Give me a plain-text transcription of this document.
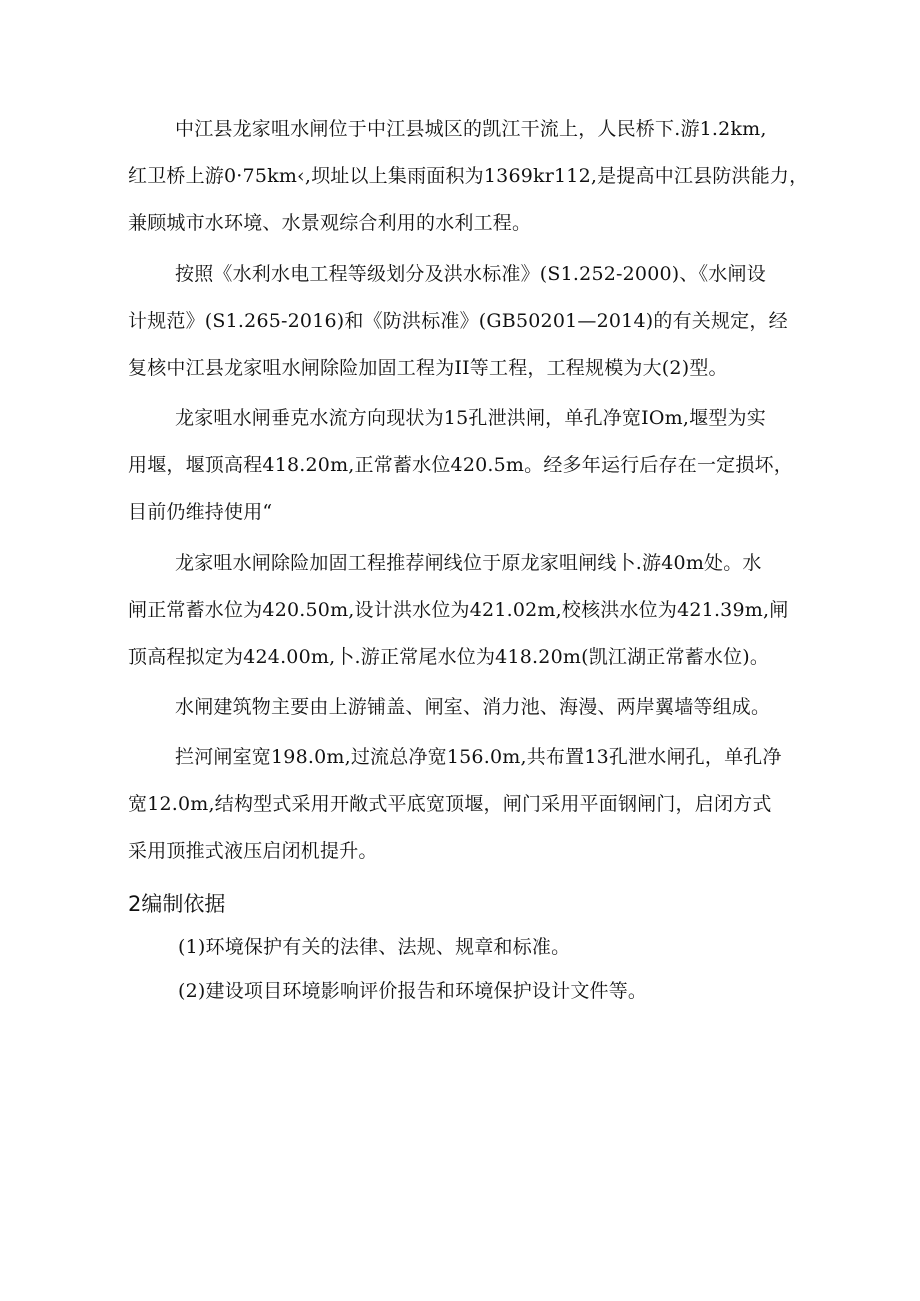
中江县龙家咀水闸位于中江县城区的凯江干流上，人民桥下.游1.2km,
红卫桥上游0·75km‹,坝址以上集雨面积为1369kr112,是提高中江县防洪能力，
兼顾城市水环境、水景观综合利用的水利工程。
按照《水利水电工程等级划分及洪水标准》(S1.252-2000)、《水闸设
计规范》(S1.265-2016)和《防洪标准》(GB50201—2014)的有关规定，经
复核中江县龙家咀水闸除险加固工程为II等工程，工程规模为大(2)型。
龙家咀水闸垂克水流方向现状为15孔泄洪闸，单孔净宽IOm,堰型为实
用堰，堰顶高程418.20m,正常蓄水位420.5m。经多年运行后存在一定损坏，
目前仍维持使用“
龙家咀水闸除险加固工程推荐闸线位于原龙家咀闸线卜.游40m处。水
闸正常蓄水位为420.50m,设计洪水位为421.02m,校核洪水位为421.39m,闸
顶高程拟定为424.00m,卜.游正常尾水位为418.20m(凯江湖正常蓄水位)。
水闸建筑物主要由上游铺盖、闸室、消力池、海漫、两岸翼墙等组成。
拦河闸室宽198.0m,过流总净宽156.0m,共布置13孔泄水闸孔，单孔净
宽12.0m,结构型式采用开敞式平底宽顶堰，闸门采用平面钢闸门，启闭方式
采用顶推式液压启闭机提升。
2编制依据
(1)环境保护有关的法律、法规、规章和标准。
(2)建设项目环境影响评价报告和环境保护设计文件等。
